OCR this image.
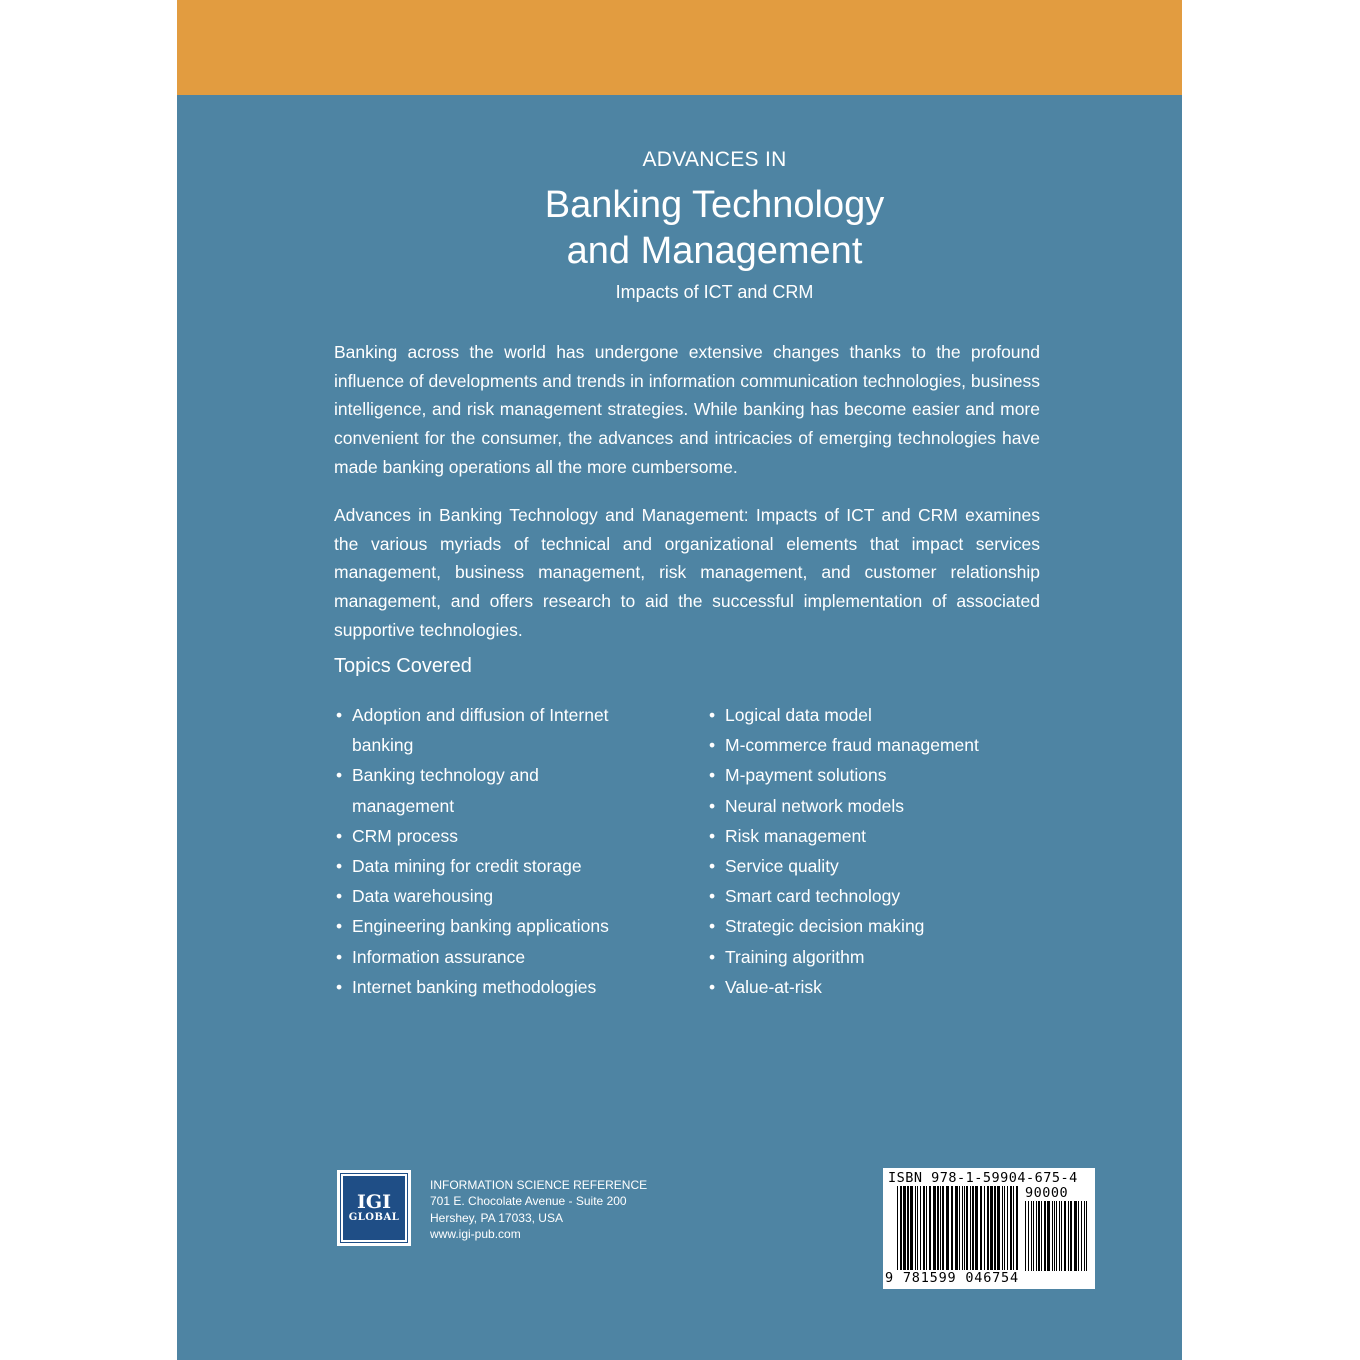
ADVANCES IN
Banking Technology
and Management
Impacts of ICT and CRM

Banking across the world has undergone extensive changes thanks to the profound influence of developments and trends in information communication technologies, business intelligence, and risk management strategies. While banking has become easier and more convenient for the consumer, the advances and intricacies of emerging technologies have made banking operations all the more cumbersome.

Advances in Banking Technology and Management: Impacts of ICT and CRM examines the various myriads of technical and organizational elements that impact services management, business management, risk management, and customer relationship management, and offers research to aid the successful implementation of associated supportive technologies.

Topics Covered
• Adoption and diffusion of Internet banking
• Banking technology and management
• CRM process
• Data mining for credit storage
• Data warehousing
• Engineering banking applications
• Information assurance
• Internet banking methodologies
• Logical data model
• M-commerce fraud management
• M-payment solutions
• Neural network models
• Risk management
• Service quality
• Smart card technology
• Strategic decision making
• Training algorithm
• Value-at-risk
IGI
GLOBAL
INFORMATION SCIENCE REFERENCE
701 E. Chocolate Avenue - Suite 200
Hershey, PA 17033, USA
www.igi-pub.com
ISBN 978-1-59904-675-4
90000
9 781599 046754
